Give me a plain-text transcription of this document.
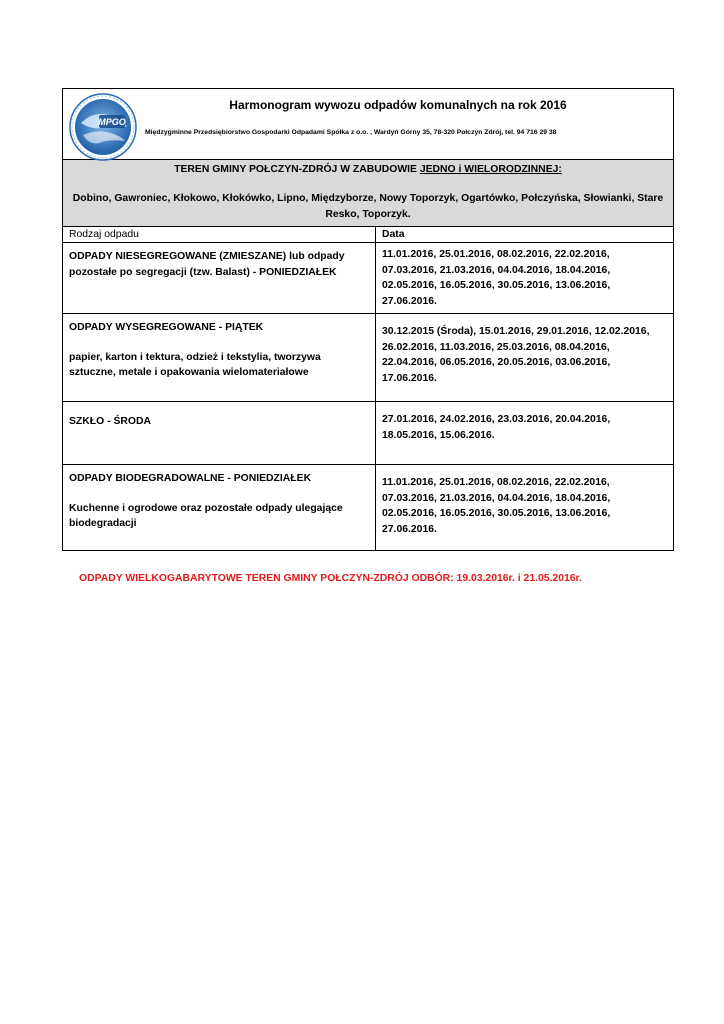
MPGO
Harmonogram wywozu odpadów komunalnych na rok 2016
Międzygminne Przedsiębiorstwo Gospodarki Odpadami Spółka z o.o. , Wardyń Górny 35, 78-320 Połczyn Zdrój, tel. 94 716 29 38	

TEREN GMINY POŁCZYN-ZDRÓJ W ZABUDOWIE JEDNO i WIELORODZINNEJ:
Dobino, Gawroniec, Kłokowo, Kłokówko, Lipno, Międzyborze, Nowy Toporzyk, Ogartówko, Połczyńska, Słowianki, Stare Resko, Toporzyk.	

Rodzaj odpadu	Data

ODPADY NIESEGREGOWANE (ZMIESZANE) lub odpady pozostałe po segregacji (tzw. Balast) - PONIEDZIAŁEK	11.01.2016, 25.01.2016, 08.02.2016, 22.02.2016, 07.03.2016, 21.03.2016, 04.04.2016, 18.04.2016, 02.05.2016, 16.05.2016, 30.05.2016, 13.06.2016, 27.06.2016.

ODPADY WYSEGREGOWANE - PIĄTEK
papier, karton i tektura, odzież i tekstylia, tworzywa sztuczne, metale i opakowania wielomateriałowe	30.12.2015 (Środa), 15.01.2016, 29.01.2016, 12.02.2016, 26.02.2016, 11.03.2016, 25.03.2016, 08.04.2016, 22.04.2016, 06.05.2016, 20.05.2016, 03.06.2016, 17.06.2016.

SZKŁO - ŚRODA	27.01.2016, 24.02.2016, 23.03.2016, 20.04.2016, 18.05.2016, 15.06.2016.

ODPADY BIODEGRADOWALNE - PONIEDZIAŁEK
Kuchenne i ogrodowe oraz pozostałe odpady ulegające biodegradacji	11.01.2016, 25.01.2016, 08.02.2016, 22.02.2016, 07.03.2016, 21.03.2016, 04.04.2016, 18.04.2016, 02.05.2016, 16.05.2016, 30.05.2016, 13.06.2016, 27.06.2016.
ODPADY WIELKOGABARYTOWE TEREN GMINY POŁCZYN-ZDRÓJ ODBÓR: 19.03.2016r. i 21.05.2016r.
